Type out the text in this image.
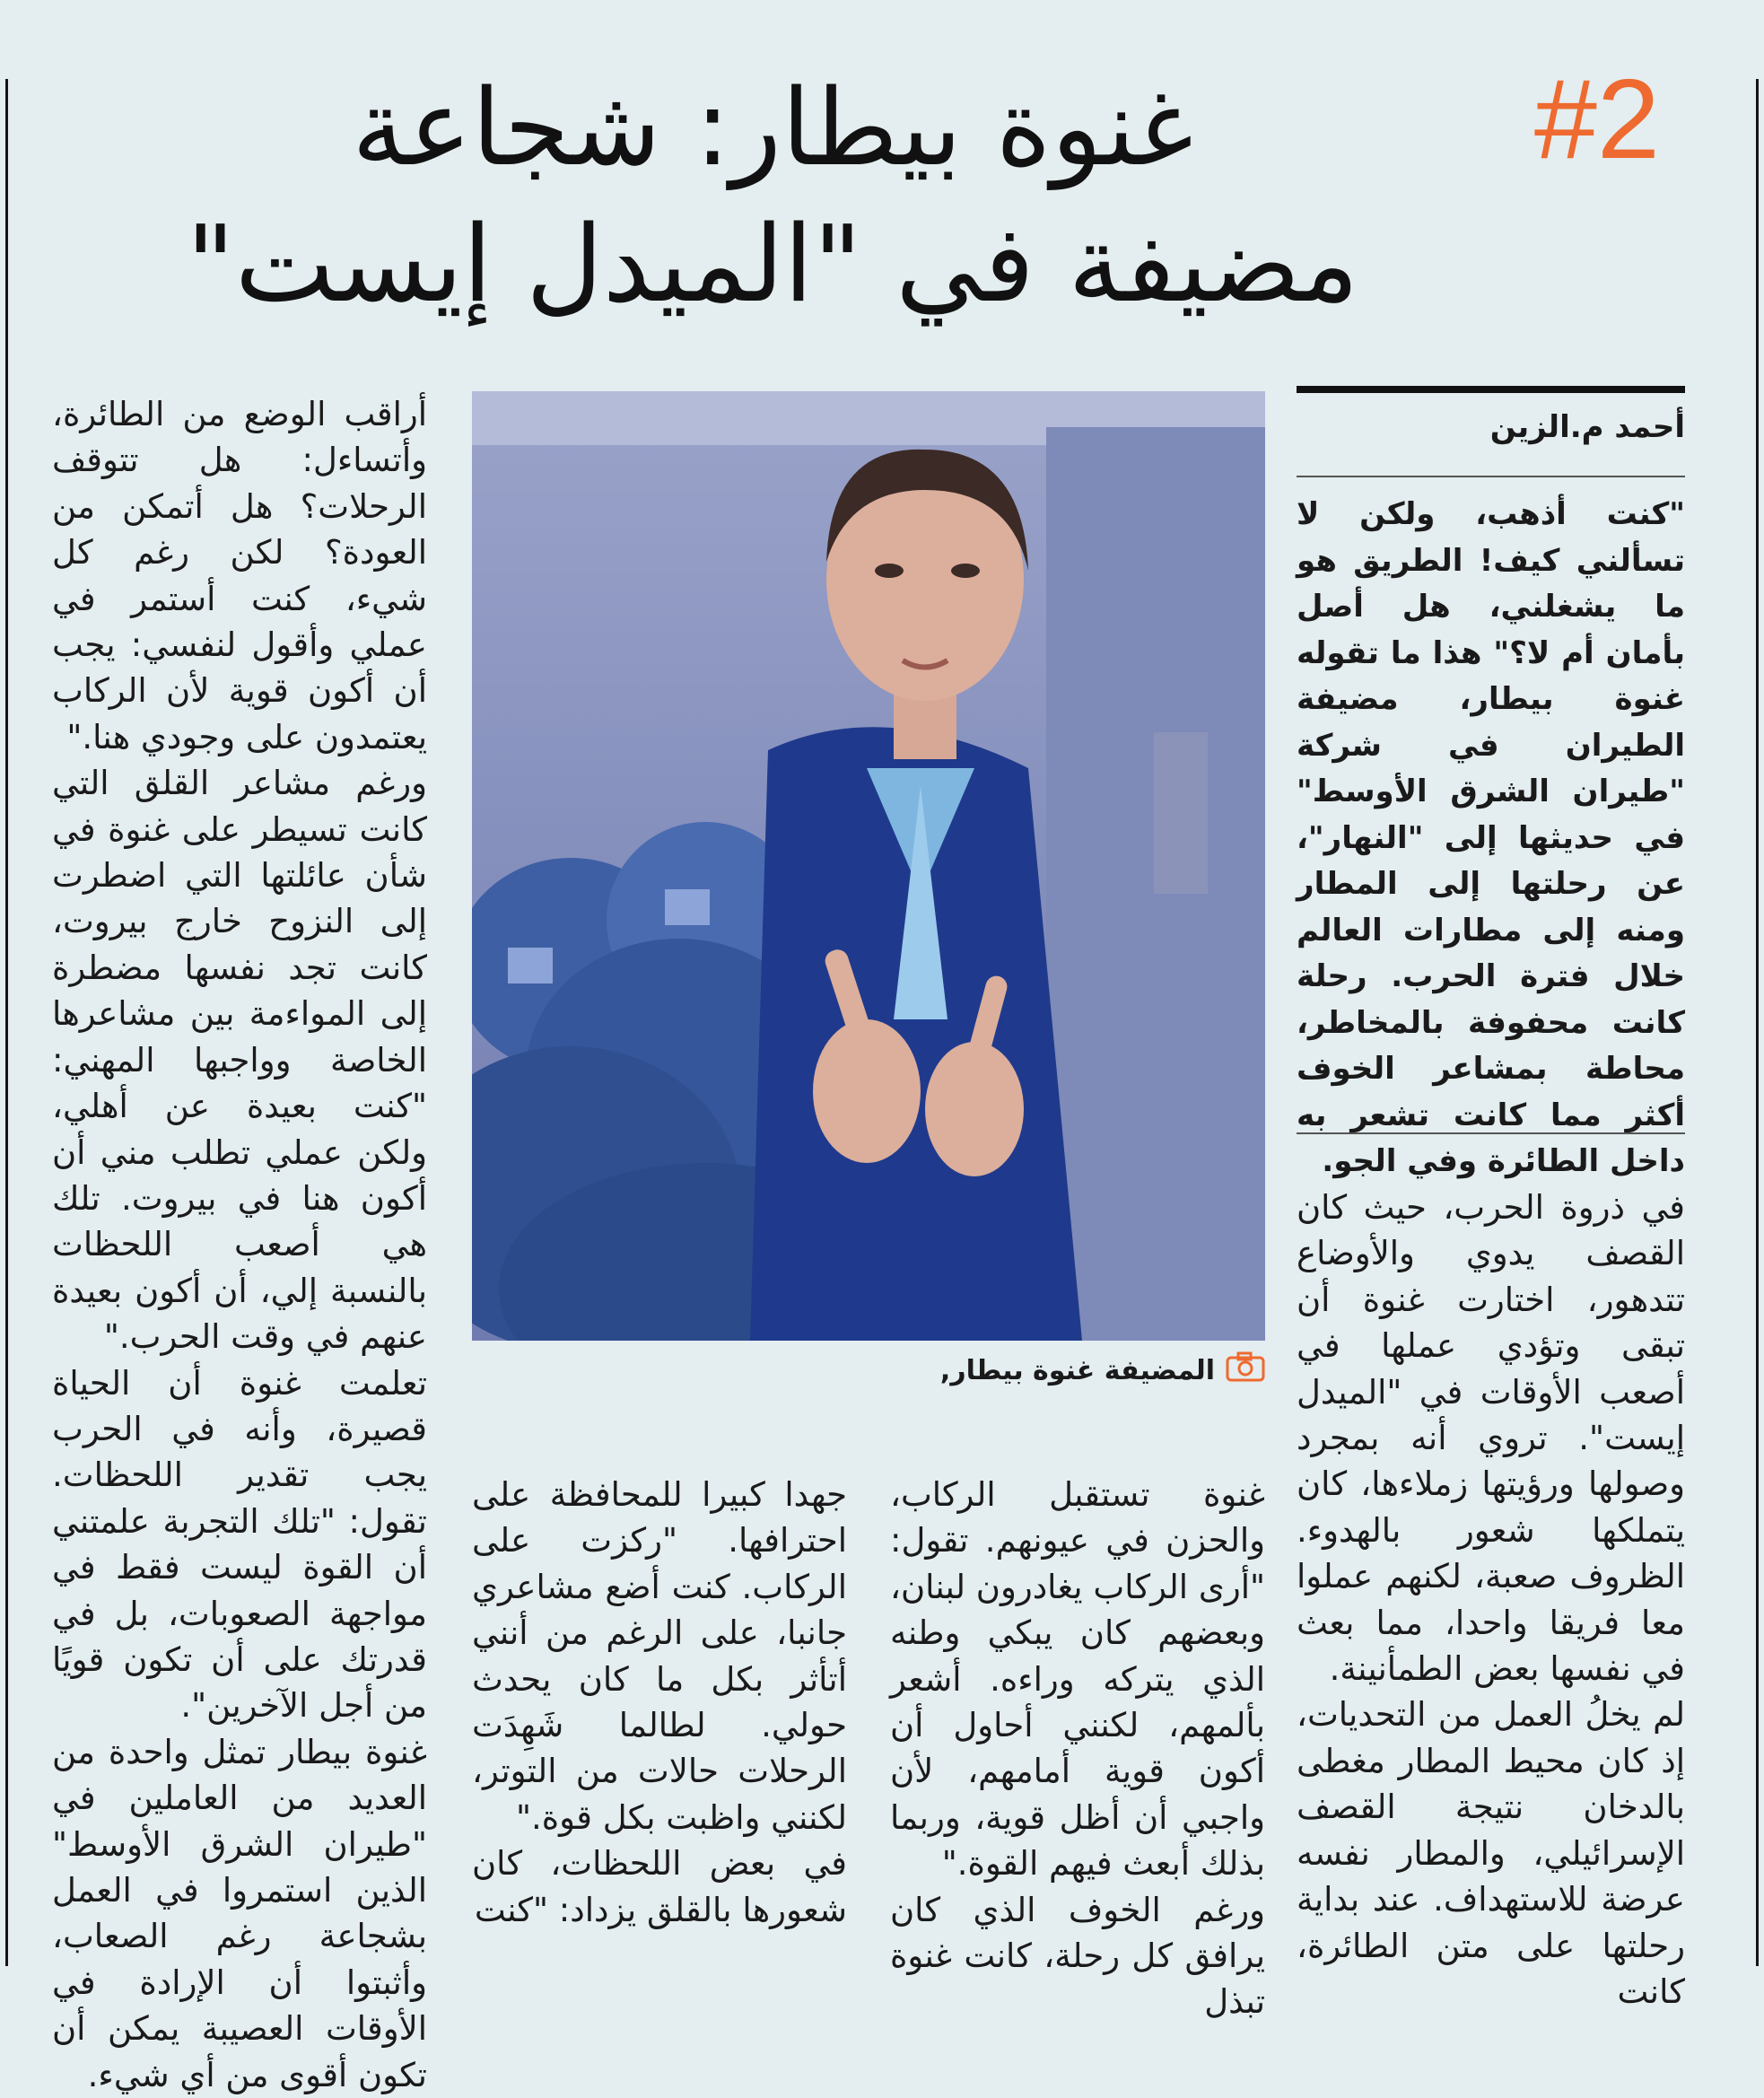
#2
غنوة بيطار: شجاعة
مضيفة في "الميدل إيست"
أحمد م.الزين
"كنت أذهب، ولكن لا تسألني كيف! الطريق هو ما يشغلني، هل أصل بأمان أم لا؟" هذا ما تقوله غنوة بيطار، مضيفة الطيران في شركة "طيران الشرق الأوسط" في حديثها إلى "النهار"، عن رحلتها إلى المطار ومنه إلى مطارات العالم خلال فترة الحرب. رحلة كانت محفوفة بالمخاطر، محاطة بمشاعر الخوف أكثر مما كانت تشعر به داخل الطائرة وفي الجو.
المضيفة غنوة بيطار,

في ذروة الحرب، حيث كان القصف يدوي والأوضاع تتدهور، اختارت غنوة أن تبقى وتؤدي عملها في أصعب الأوقات في "الميدل إيست". تروي أنه بمجرد وصولها ورؤيتها زملاءها، كان يتملكها شعور بالهدوء. الظروف صعبة، لكنهم عملوا معا فريقا واحدا، مما بعث في نفسها بعض الطمأنينة.

لم يخلُ العمل من التحديات، إذ كان محيط المطار مغطى بالدخان نتيجة القصف الإسرائيلي، والمطار نفسه عرضة للاستهداف. عند بداية رحلتها على متن الطائرة، كانت

غنوة تستقبل الركاب، والحزن في عيونهم. تقول: "أرى الركاب يغادرون لبنان، وبعضهم كان يبكي وطنه الذي يتركه وراءه. أشعر بألمهم، لكنني أحاول أن أكون قوية أمامهم، لأن واجبي أن أظل قوية، وربما بذلك أبعث فيهم القوة."

ورغم الخوف الذي كان يرافق كل رحلة، كانت غنوة تبذل

جهدا كبيرا للمحافظة على احترافها. "ركزت على الركاب. كنت أضع مشاعري جانبا، على الرغم من أنني أتأثر بكل ما كان يحدث حولي. لطالما شَهِدَت الرحلات حالات من التوتر، لكنني واظبت بكل قوة."

في بعض اللحظات، كان شعورها بالقلق يزداد: "كنت

أراقب الوضع من الطائرة، وأتساءل: هل تتوقف الرحلات؟ هل أتمكن من العودة؟ لكن رغم كل شيء، كنت أستمر في عملي وأقول لنفسي: يجب أن أكون قوية لأن الركاب يعتمدون على وجودي هنا."

ورغم مشاعر القلق التي كانت تسيطر على غنوة في شأن عائلتها التي اضطرت إلى النزوح خارج بيروت، كانت تجد نفسها مضطرة إلى المواءمة بين مشاعرها الخاصة وواجبها المهني: "كنت بعيدة عن أهلي، ولكن عملي تطلب مني أن أكون هنا في بيروت. تلك هي أصعب اللحظات بالنسبة إلي، أن أكون بعيدة عنهم في وقت الحرب."

تعلمت غنوة أن الحياة قصيرة، وأنه في الحرب يجب تقدير اللحظات. تقول: "تلك التجربة علمتني أن القوة ليست فقط في مواجهة الصعوبات، بل في قدرتك على أن تكون قويًا من أجل الآخرين".

غنوة بيطار تمثل واحدة من العديد من العاملين في "طيران الشرق الأوسط" الذين استمروا في العمل بشجاعة رغم الصعاب، وأثبتوا أن الإرادة في الأوقات العصيبة يمكن أن تكون أقوى من أي شيء.
